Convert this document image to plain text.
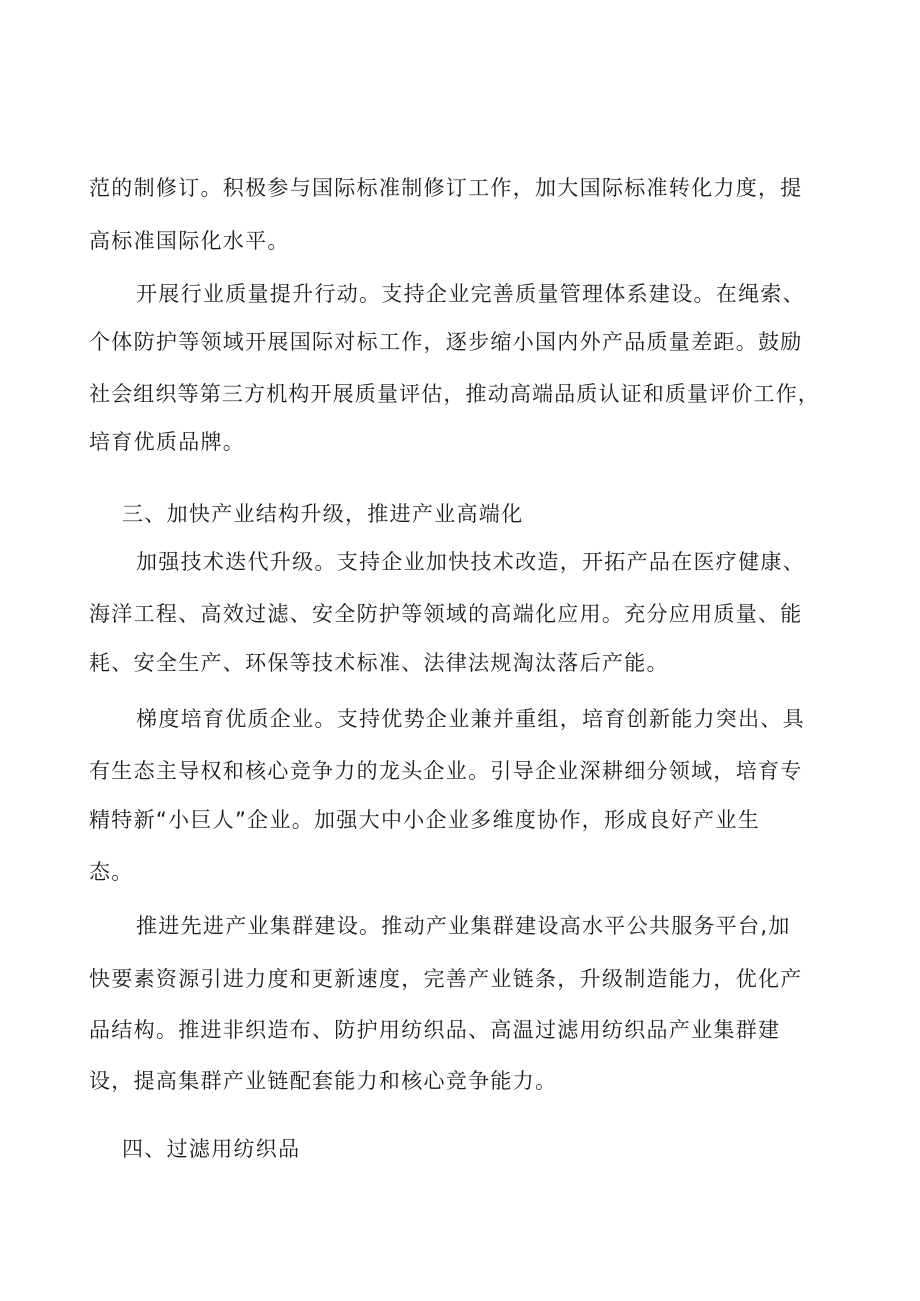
范的制修订。积极参与国际标准制修订工作，加大国际标准转化力度，提
高标准国际化水平。
开展行业质量提升行动。支持企业完善质量管理体系建设。在绳索、
个体防护等领域开展国际对标工作，逐步缩小国内外产品质量差距。鼓励
社会组织等第三方机构开展质量评估，推动高端品质认证和质量评价工作，
培育优质品牌。
三、加快产业结构升级，推进产业高端化
加强技术迭代升级。支持企业加快技术改造，开拓产品在医疗健康、
海洋工程、高效过滤、安全防护等领域的高端化应用。充分应用质量、能
耗、安全生产、环保等技术标准、法律法规淘汰落后产能。
梯度培育优质企业。支持优势企业兼并重组，培育创新能力突出、具
有生态主导权和核心竞争力的龙头企业。引导企业深耕细分领域，培育专
精特新“小巨人”企业。加强大中小企业多维度协作，形成良好产业生
态。
推进先进产业集群建设。推动产业集群建设高水平公共服务平台,加
快要素资源引进力度和更新速度，完善产业链条，升级制造能力，优化产
品结构。推进非织造布、防护用纺织品、高温过滤用纺织品产业集群建
设，提高集群产业链配套能力和核心竞争能力。
四、过滤用纺织品
